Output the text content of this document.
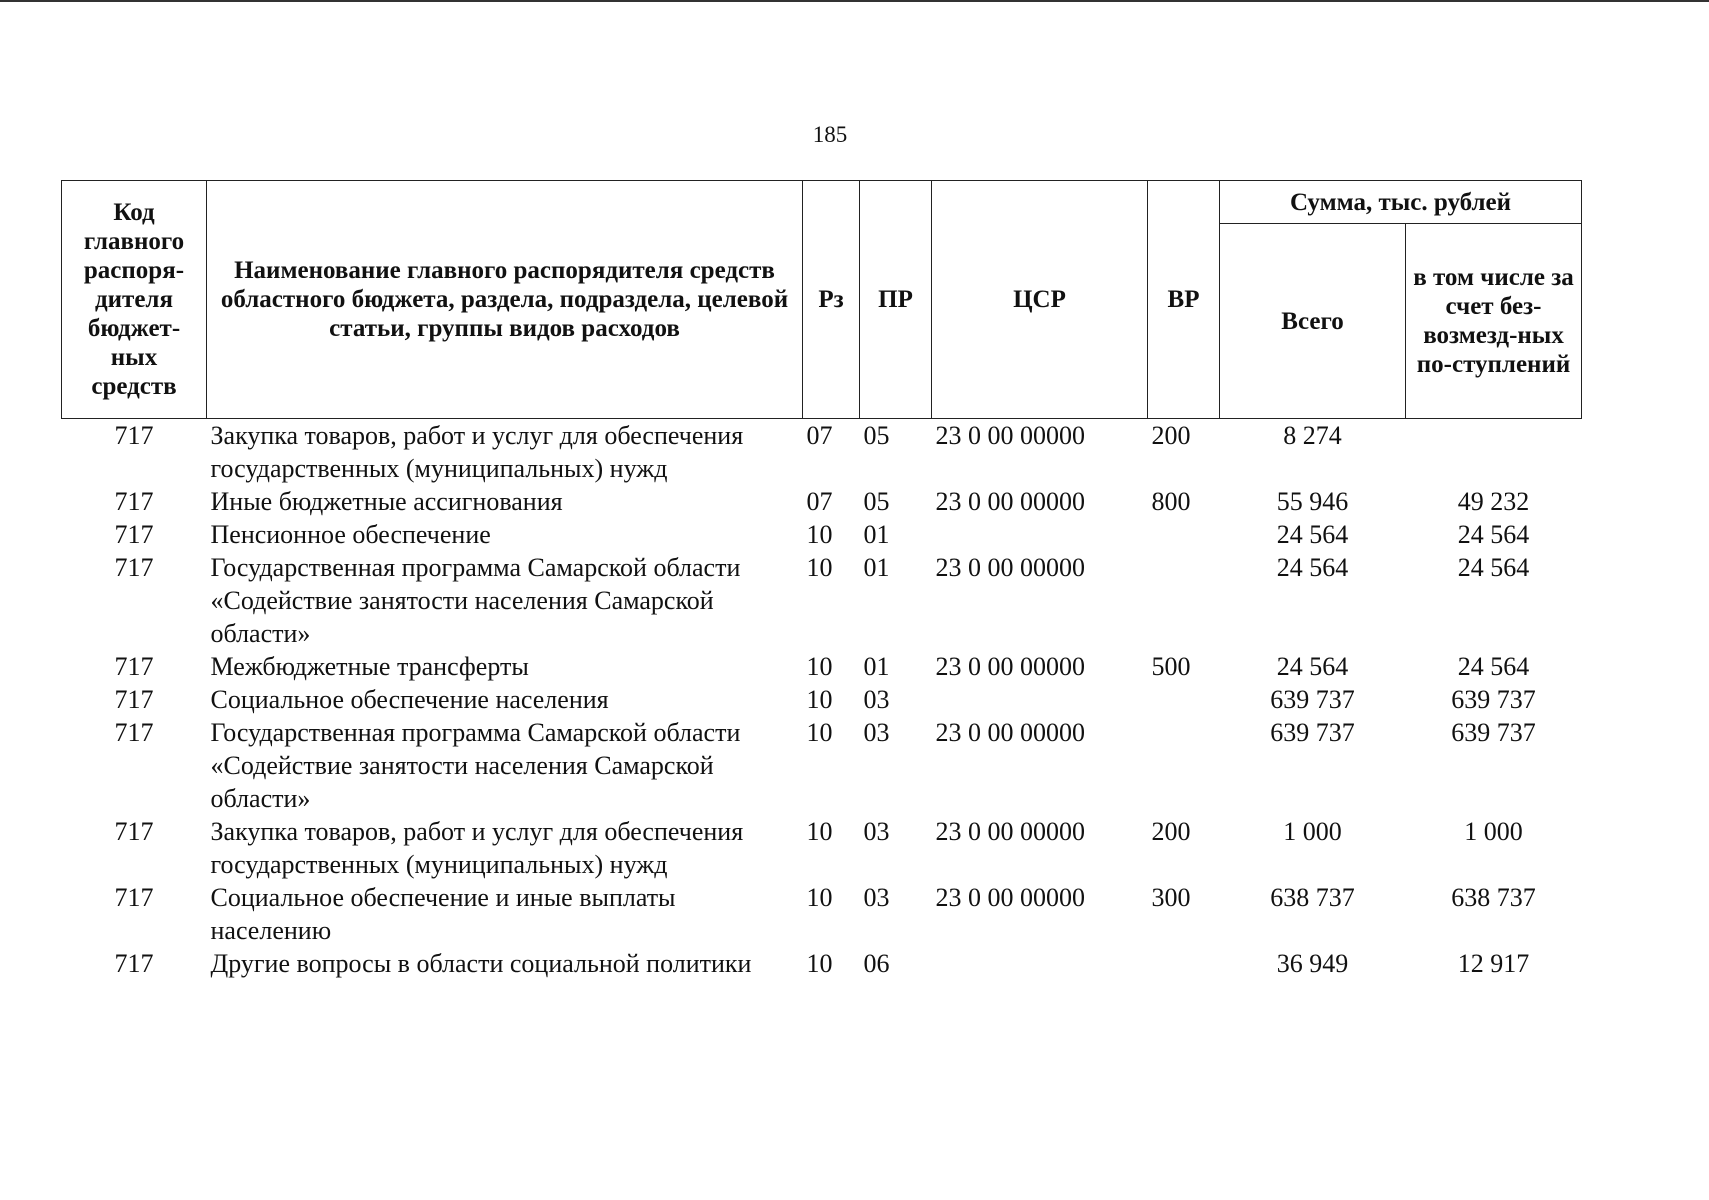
185
Код главного распоря-дителя бюджет-ных средств	Наименование главного распорядителя средств областного бюджета, раздела, подраздела, целевой статьи, группы видов расходов	Рз	ПР	ЦСР	ВР	Сумма, тыс. рублей	
						Всего	в том числе за счет без-возмезд-ных по-ступлений
717	Закупка товаров, работ и услуг для обеспечения государственных (муниципальных) нужд	07	05	23 0 00 00000	200	8 274	
717	Иные бюджетные ассигнования	07	05	23 0 00 00000	800	55 946	49 232
717	Пенсионное обеспечение	10	01			24 564	24 564
717	Государственная программа Самарской области «Содействие занятости населения Самарской области»	10	01	23 0 00 00000		24 564	24 564
717	Межбюджетные трансферты	10	01	23 0 00 00000	500	24 564	24 564
717	Социальное обеспечение населения	10	03			639 737	639 737
717	Государственная программа Самарской области «Содействие занятости населения Самарской области»	10	03	23 0 00 00000		639 737	639 737
717	Закупка товаров, работ и услуг для обеспечения государственных (муниципальных) нужд	10	03	23 0 00 00000	200	1 000	1 000
717	Социальное обеспечение и иные выплаты населению	10	03	23 0 00 00000	300	638 737	638 737
717	Другие вопросы в области социальной политики	10	06			36 949	12 917
